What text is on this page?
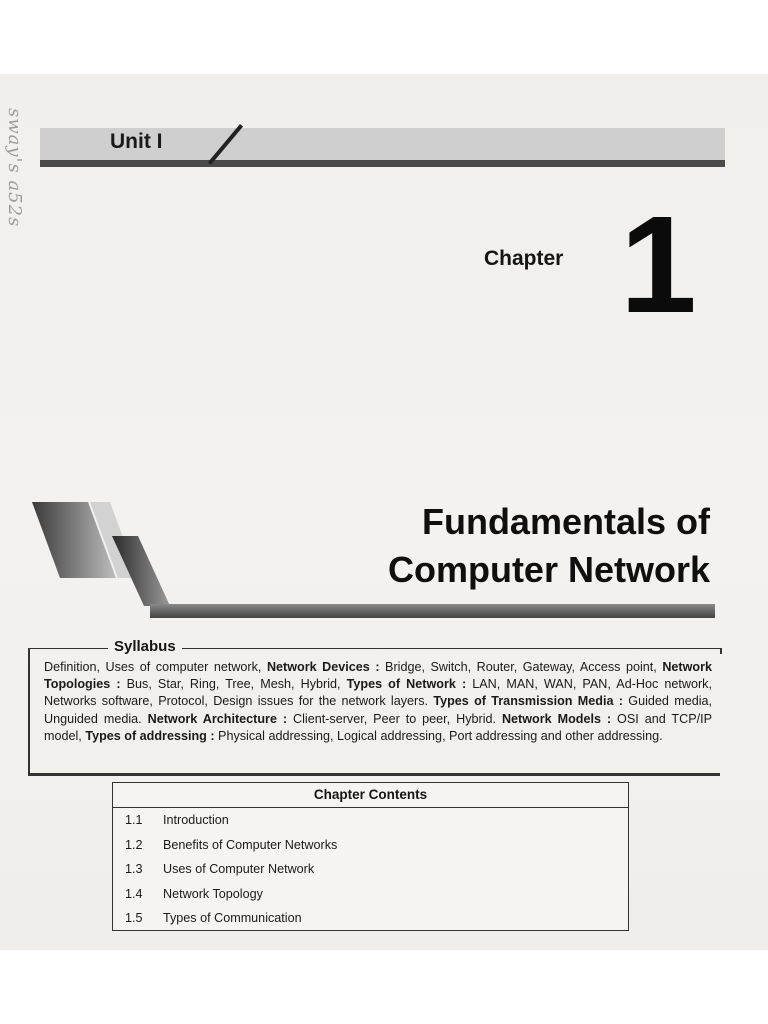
sway's a52s	Unit I
Chapter 1
Fundamentals of
Computer Network
Syllabus
Definition, Uses of computer network, Network Devices : Bridge, Switch, Router, Gateway, Access point, Network Topologies : Bus, Star, Ring, Tree, Mesh, Hybrid, Types of Network : LAN, MAN, WAN, PAN, Ad-Hoc network, Networks software, Protocol, Design issues for the network layers. Types of Transmission Media : Guided media, Unguided media. Network Architecture : Client-server, Peer to peer, Hybrid. Network Models : OSI and TCP/IP model, Types of addressing : Physical addressing, Logical addressing, Port addressing and other addressing.
Chapter Contents
1.1 Introduction
1.2 Benefits of Computer Networks
1.3 Uses of Computer Network
1.4 Network Topology
1.5 Types of Communication
